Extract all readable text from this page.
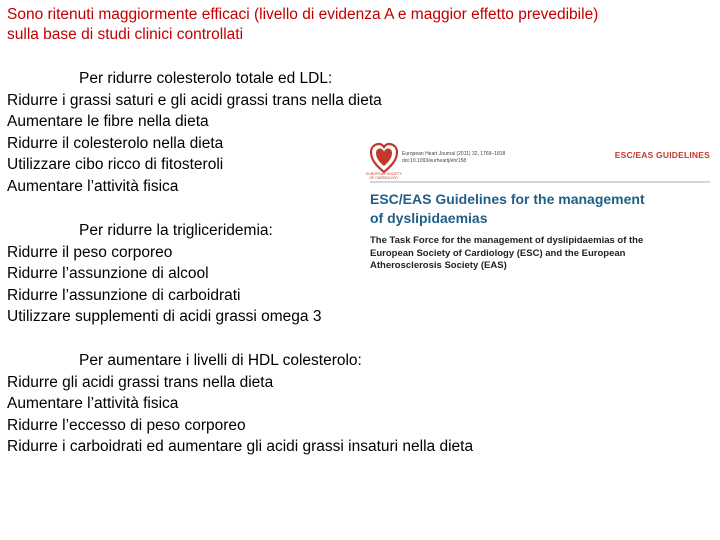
Sono ritenuti maggiormente efficaci (livello di evidenza A e maggior effetto prevedibile)
sulla base di studi clinici controllati
Per ridurre colesterolo totale ed LDL:
Ridurre i grassi saturi e gli acidi grassi trans nella dieta
Aumentare le fibre nella dieta
Ridurre il colesterolo nella dieta
Utilizzare cibo ricco di fitosteroli
Aumentare l’attività fisica
Per ridurre la trigliceridemia:
Ridurre il peso corporeo
Ridurre l’assunzione di alcool
Ridurre l’assunzione di carboidrati
Utilizzare supplementi di acidi grassi omega 3
Per aumentare i livelli di HDL colesterolo:
Ridurre gli acidi grassi trans nella dieta
Aumentare l’attività fisica
Ridurre l’eccesso di peso corporeo
Ridurre i carboidrati ed aumentare gli acidi grassi insaturi nella dieta
EUROPEAN SOCIETY OF CARDIOLOGY
European Heart Journal (2011) 32, 1769–1818
doi:10.1093/eurheartj/ehr158
ESC/EAS GUIDELINES
ESC/EAS Guidelines for the management
of dyslipidaemias
The Task Force for the management of dyslipidaemias of the
European Society of Cardiology (ESC) and the European
Atherosclerosis Society (EAS)
